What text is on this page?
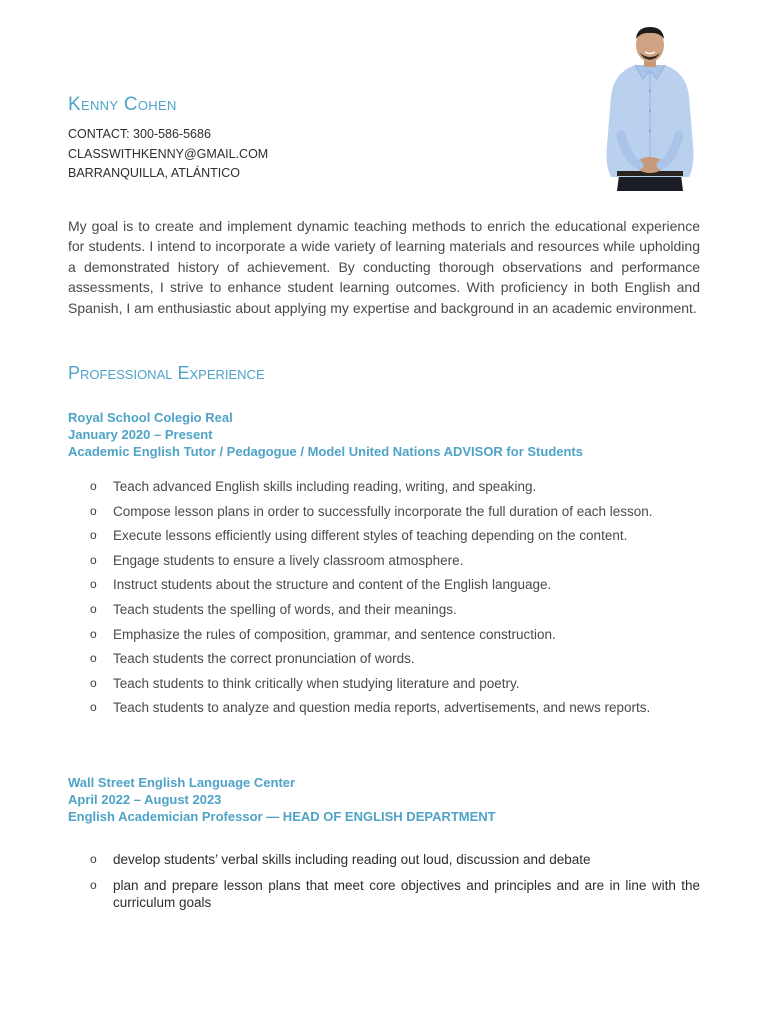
Kenny Cohen
CONTACT: 300-586-5686
CLASSWITHKENNY@GMAIL.COM
BARRANQUILLA, ATLÁNTICO

My goal is to create and implement dynamic teaching methods to enrich the educational experience for students. I intend to incorporate a wide variety of learning materials and resources while upholding a demonstrated history of achievement. By conducting thorough observations and performance assessments, I strive to enhance student learning outcomes. With proficiency in both English and Spanish, I am enthusiastic about applying my expertise and background in an academic environment.

Professional Experience
Royal School Colegio Real
January 2020 – Present
Academic English Tutor / Pedagogue / Model United Nations ADVISOR for Students
o Teach advanced English skills including reading, writing, and speaking.
o Compose lesson plans in order to successfully incorporate the full duration of each lesson.
o Execute lessons efficiently using different styles of teaching depending on the content.
o Engage students to ensure a lively classroom atmosphere.
o Instruct students about the structure and content of the English language.
o Teach students the spelling of words, and their meanings.
o Emphasize the rules of composition, grammar, and sentence construction.
o Teach students the correct pronunciation of words.
o Teach students to think critically when studying literature and poetry.
o Teach students to analyze and question media reports, advertisements, and news reports.
Wall Street English Language Center
April 2022 – August 2023
English Academician Professor — HEAD OF ENGLISH DEPARTMENT
o develop students’ verbal skills including reading out loud, discussion and debate
o plan and prepare lesson plans that meet core objectives and principles and are in line with the curriculum goals
